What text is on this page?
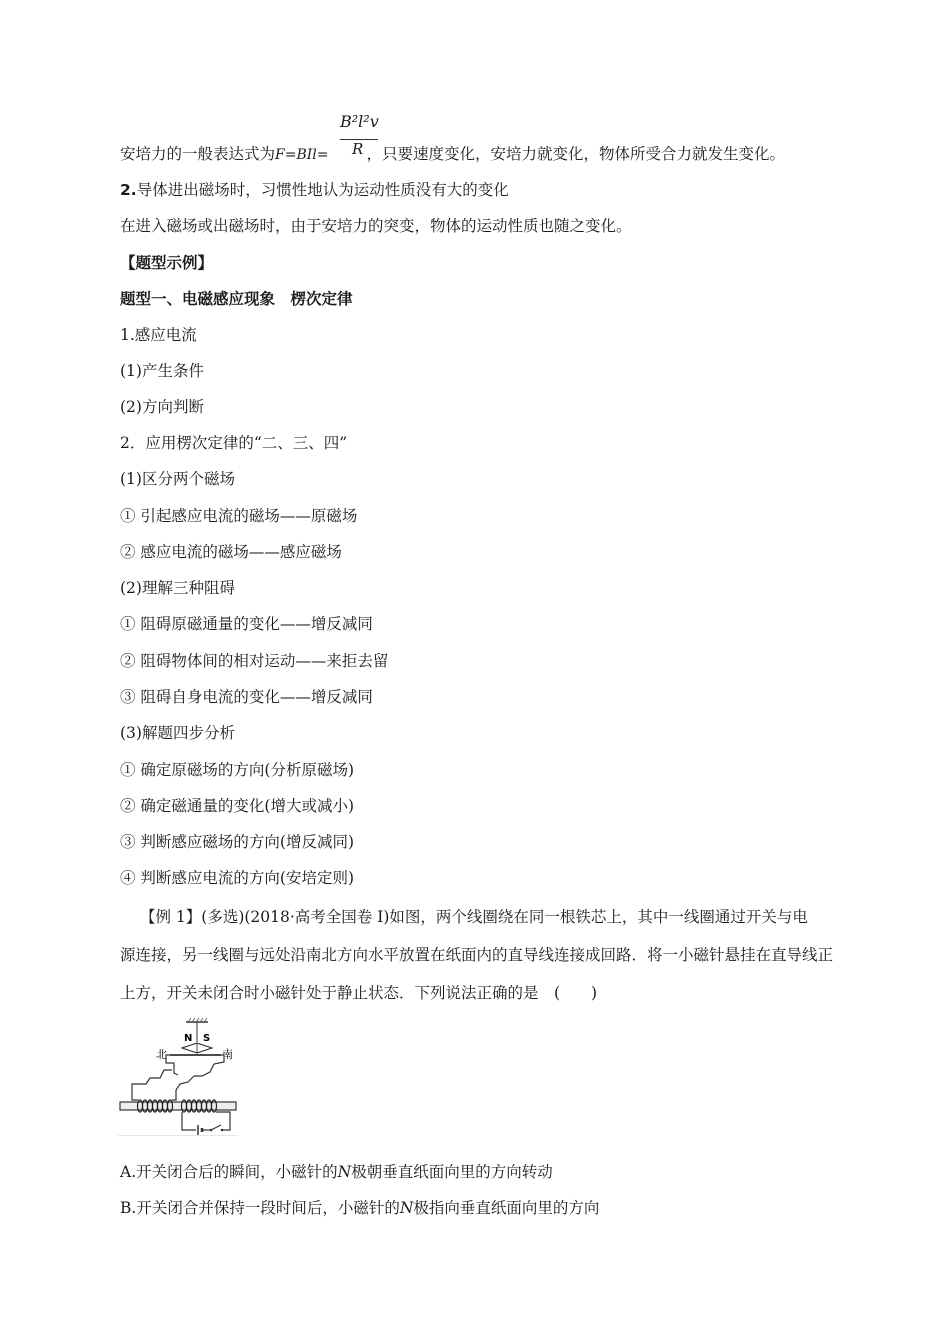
B²l²v
R
安培力的一般表达式为F=BIl= ，只要速度变化，安培力就变化，物体所受合力就发生变化。
2.导体进出磁场时，习惯性地认为运动性质没有大的变化
在进入磁场或出磁场时，由于安培力的突变，物体的运动性质也随之变化。
【题型示例】
题型一、电磁感应现象　楞次定律
1.感应电流
(1)产生条件
(2)方向判断
2．应用楞次定律的“二、三、四”
(1)区分两个磁场
① 引起感应电流的磁场——原磁场
② 感应电流的磁场——感应磁场
(2)理解三种阻碍
① 阻碍原磁通量的变化——增反减同
② 阻碍物体间的相对运动——来拒去留
③ 阻碍自身电流的变化——增反减同
(3)解题四步分析
① 确定原磁场的方向(分析原磁场)
② 确定磁通量的变化(增大或减小)
③ 判断感应磁场的方向(增反减同)
④ 判断感应电流的方向(安培定则)
【例 1】(多选)(2018·高考全国卷 Ⅰ)如图，两个线圈绕在同一根铁芯上，其中一线圈通过开关与电
源连接，另一线圈与远处沿南北方向水平放置在纸面内的直导线连接成回路．将一小磁针悬挂在直导线正
上方，开关未闭合时小磁针处于静止状态．下列说法正确的是　(　　)
N S
北	南
A.开关闭合后的瞬间，小磁针的N极朝垂直纸面向里的方向转动
B.开关闭合并保持一段时间后，小磁针的N极指向垂直纸面向里的方向
